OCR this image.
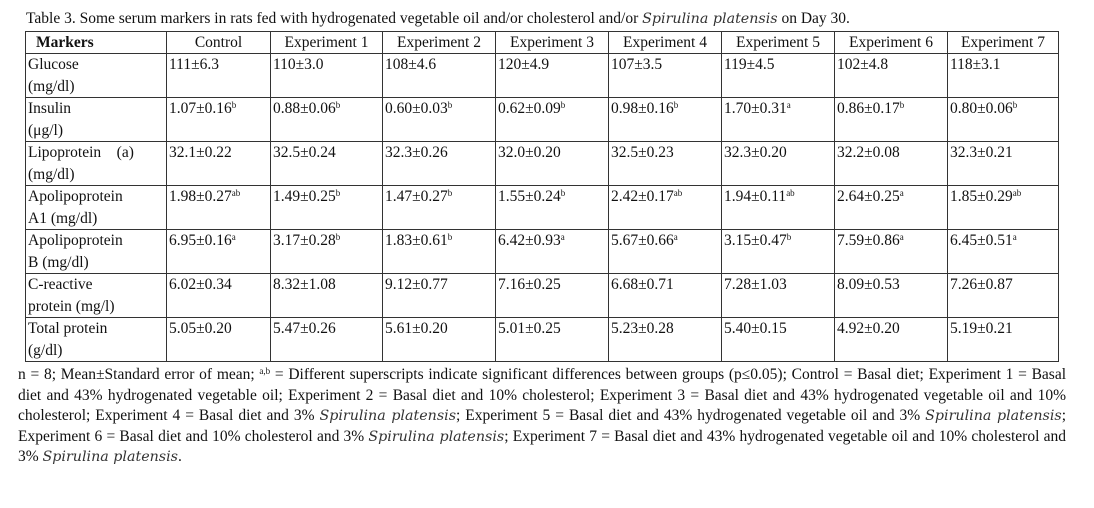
Table 3. Some serum markers in rats fed with hydrogenated vegetable oil and/or cholesterol and/or Spirulina platensis on Day 30.
Markers	Control	Experiment 1	Experiment 2	Experiment 3	Experiment 4	Experiment 5	Experiment 6	Experiment 7

Glucose
(mg/dl)	111±6.3	110±3.0	108±4.6	120±4.9	107±3.5	119±4.5	102±4.8	118±3.1

Insulin
(μg/l)	1.07±0.16$^b$	0.88±0.06$^b$	0.60±0.03$^b$	0.62±0.09$^b$	0.98±0.16$^b$	1.70±0.31$^a$	0.86±0.17$^b$	0.80±0.06$^b$

Lipoprotein    (a)
(mg/dl)	32.1±0.22	32.5±0.24	32.3±0.26	32.0±0.20	32.5±0.23	32.3±0.20	32.2±0.08	32.3±0.21

Apolipoprotein
A1 (mg/dl)	1.98±0.27$^{ab}$	1.49±0.25$^b$	1.47±0.27$^b$	1.55±0.24$^b$	2.42±0.17$^{ab}$	1.94±0.11$^{ab}$	2.64±0.25$^a$	1.85±0.29$^{ab}$

Apolipoprotein
B (mg/dl)	6.95±0.16$^a$	3.17±0.28$^b$	1.83±0.61$^b$	6.42±0.93$^a$	5.67±0.66$^a$	3.15±0.47$^b$	7.59±0.86$^a$	6.45±0.51$^a$

C-reactive
protein (mg/l)	6.02±0.34	8.32±1.08	9.12±0.77	7.16±0.25	6.68±0.71	7.28±1.03	8.09±0.53	7.26±0.87

Total protein
(g/dl)	5.05±0.20	5.47±0.26	5.61±0.20	5.01±0.25	5.23±0.28	5.40±0.15	4.92±0.20	5.19±0.21
n = 8; Mean±Standard error of mean; $^{a,b}$ = Different superscripts indicate significant differences between groups (p≤0.05); Control = Basal diet; Experiment 1 = Basal diet and 43% hydrogenated vegetable oil; Experiment 2 = Basal diet and 10% cholesterol; Experiment 3 = Basal diet and 43% hydrogenated vegetable oil and 10% cholesterol; Experiment 4 = Basal diet and 3% Spirulina platensis; Experiment 5 = Basal diet and 43% hydrogenated vegetable oil and 3% Spirulina platensis; Experiment 6 = Basal diet and 10% cholesterol and 3% Spirulina platensis; Experiment 7 = Basal diet and 43% hydrogenated vegetable oil and 10% cholesterol and 3% Spirulina platensis.
